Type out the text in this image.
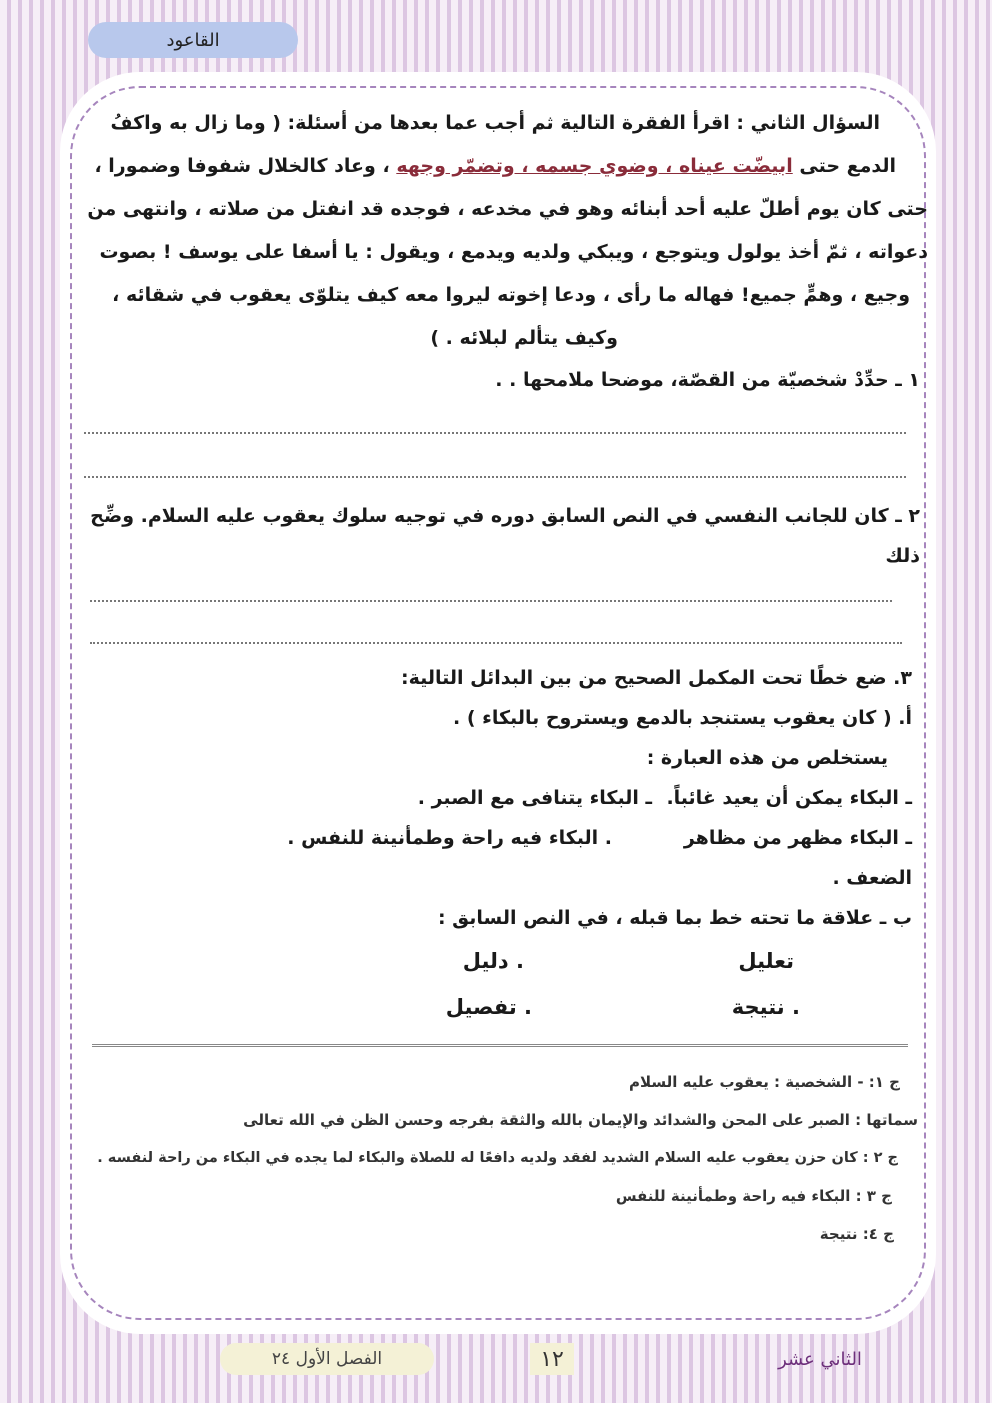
القاعود

السؤال الثاني : اقرأ الفقرة التالية ثم أجب عما بعدها من أسئلة: ( وما زال به واكفُ

الدمع حتى ابيضّت عيناه ، وضوي جسمه ، وتضمّر وجهه ، وعاد كالخلال شفوفا وضمورا ،

حتى كان يوم أطلّ عليه أحد أبنائه وهو في مخدعه ، فوجده قد انفتل من صلاته ، وانتهى من

دعواته ، ثمّ أخذ يولول ويتوجع ، ويبكي ولديه ويدمع ، ويقول : يا أسفا على يوسف ! بصوت

وجيع ، وهمٍّ جميع! فهاله ما رأى ، ودعا إخوته ليروا معه كيف يتلوّى يعقوب في شقائه ،

وكيف يتألم لبلائه . )

١ ـ حدِّدْ شخصيّة من القصّة، موضحا ملامحها . .

٢ ـ كان للجانب النفسي في النص السابق دوره في توجيه سلوك يعقوب عليه السلام. وضِّح ذلك

٣. ضع خطًا تحت المكمل الصحيح من بين البدائل التالية:

أ. ( كان يعقوب يستنجد بالدمع ويستروح بالبكاء ) .

يستخلص من هذه العبارة :

ـ البكاء يمكن أن يعيد غائباً.
ـ البكاء يتنافى مع الصبر .
ـ البكاء مظهر من مظاهر الضعف .
. البكاء فيه راحة وطمأنينة للنفس .

ب ـ علاقة ما تحته خط بما قبله ، في النص السابق :

تعليل
. دليل
. نتيجة
. تفصيل

ج ١: - الشخصية : يعقوب عليه السلام

سماتها : الصبر على المحن والشدائد والإيمان بالله والثقة بفرجه وحسن الظن في الله تعالى

ج ٢ : كان حزن يعقوب عليه السلام الشديد لفقد ولديه دافعًا له للصلاة والبكاء لما يجده في البكاء من راحة لنفسه .

ج ٣ : البكاء فيه راحة وطمأنينة للنفس

ج ٤: نتيجة

الفصل الأول ٢٤	١٢	الثاني عشر
